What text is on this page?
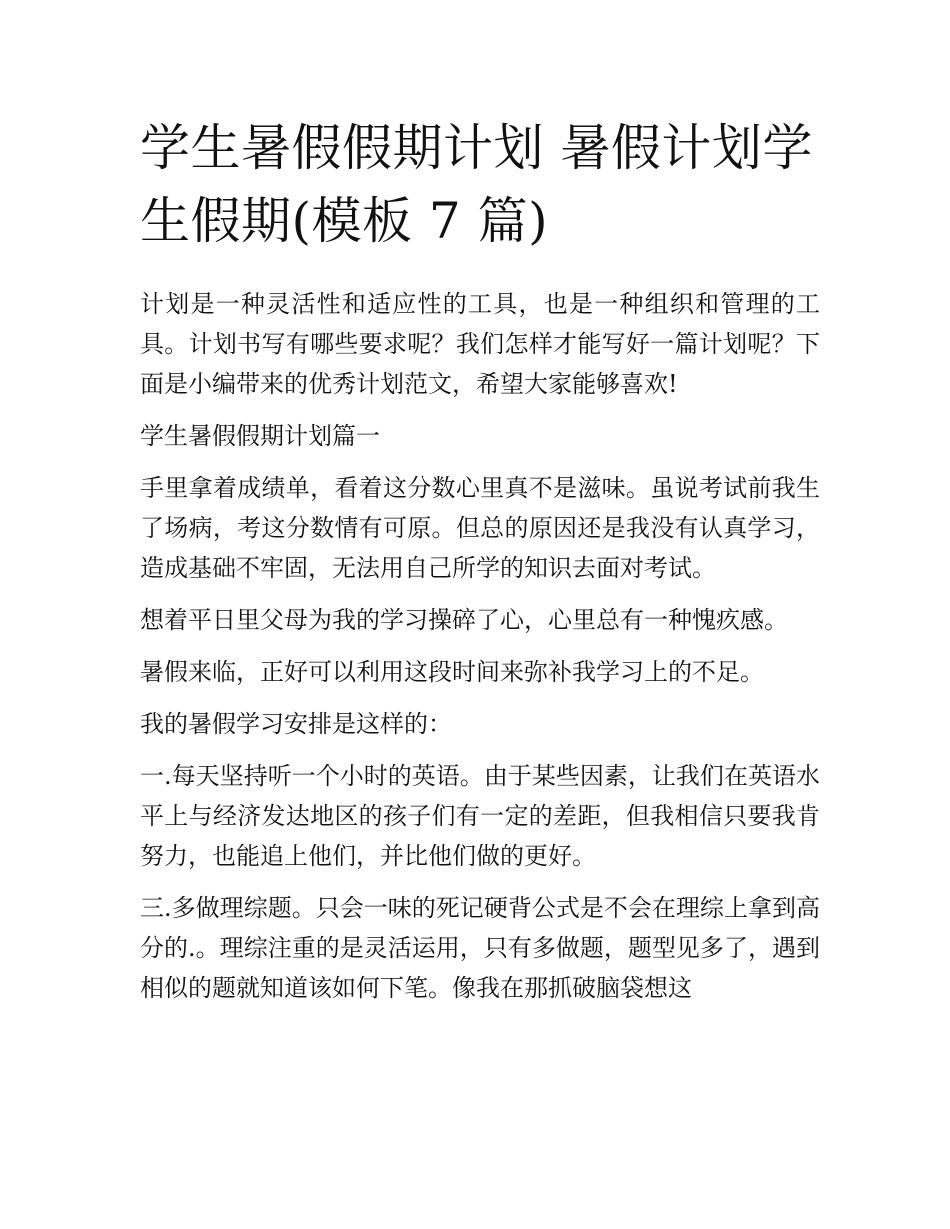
学生暑假假期计划 暑假计划学生假期(模板 7 篇)

计划是一种灵活性和适应性的工具，也是一种组织和管理的工具。计划书写有哪些要求呢？我们怎样才能写好一篇计划呢？下面是小编带来的优秀计划范文，希望大家能够喜欢!

学生暑假假期计划篇一

手里拿着成绩单，看着这分数心里真不是滋味。虽说考试前我生了场病，考这分数情有可原。但总的原因还是我没有认真学习，造成基础不牢固，无法用自己所学的知识去面对考试。

想着平日里父母为我的学习操碎了心，心里总有一种愧疚感。

暑假来临，正好可以利用这段时间来弥补我学习上的不足。

我的暑假学习安排是这样的：

一.每天坚持听一个小时的英语。由于某些因素，让我们在英语水平上与经济发达地区的孩子们有一定的差距，但我相信只要我肯努力，也能追上他们，并比他们做的更好。

三.多做理综题。只会一味的死记硬背公式是不会在理综上拿到高分的.。理综注重的是灵活运用，只有多做题，题型见多了，遇到相似的题就知道该如何下笔。像我在那抓破脑袋想这
